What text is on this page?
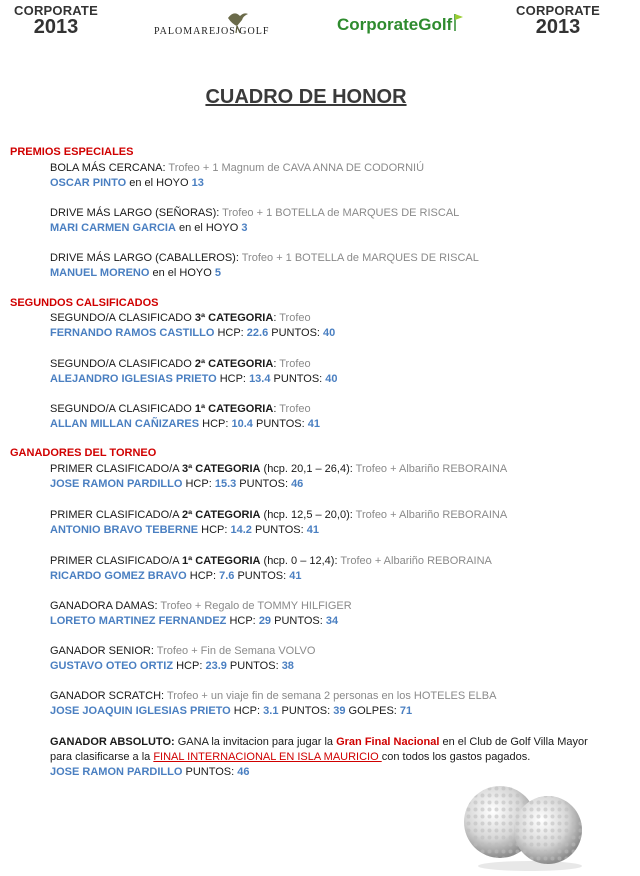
CORPORATE
2013	PALOMAREJOS GOLF	CorporateGolf
CORPORATE
2013
CUADRO DE HONOR
PREMIOS ESPECIALES
BOLA MÁS CERCANA: Trofeo + 1 Magnum de CAVA ANNA DE CODORNIÚ
OSCAR PINTO en el HOYO 13
DRIVE MÁS LARGO (SEÑORAS): Trofeo + 1 BOTELLA de MARQUES DE RISCAL
MARI CARMEN GARCIA en el HOYO 3
DRIVE MÁS LARGO (CABALLEROS): Trofeo + 1 BOTELLA de MARQUES DE RISCAL
MANUEL MORENO en el HOYO 5
SEGUNDOS CALSIFICADOS
SEGUNDO/A CLASIFICADO 3ª CATEGORIA: Trofeo
FERNANDO RAMOS CASTILLO HCP: 22.6 PUNTOS: 40
SEGUNDO/A CLASIFICADO 2ª CATEGORIA: Trofeo
ALEJANDRO IGLESIAS PRIETO HCP: 13.4 PUNTOS: 40
SEGUNDO/A CLASIFICADO 1ª CATEGORIA: Trofeo
ALLAN MILLAN CAÑIZARES HCP: 10.4 PUNTOS: 41
GANADORES DEL TORNEO
PRIMER CLASIFICADO/A 3ª CATEGORIA (hcp. 20,1 – 26,4): Trofeo + Albariño REBORAINA
JOSE RAMON PARDILLO HCP: 15.3 PUNTOS: 46
PRIMER CLASIFICADO/A 2ª CATEGORIA (hcp. 12,5 – 20,0): Trofeo + Albariño REBORAINA
ANTONIO BRAVO TEBERNE HCP: 14.2 PUNTOS: 41
PRIMER CLASIFICADO/A 1ª CATEGORIA (hcp. 0 – 12,4): Trofeo + Albariño REBORAINA
RICARDO GOMEZ BRAVO HCP: 7.6 PUNTOS: 41
GANADORA DAMAS: Trofeo + Regalo de TOMMY HILFIGER
LORETO MARTINEZ FERNANDEZ HCP: 29 PUNTOS: 34
GANADOR SENIOR: Trofeo + Fin de Semana VOLVO
GUSTAVO OTEO ORTIZ HCP: 23.9 PUNTOS: 38
GANADOR SCRATCH: Trofeo + un viaje fin de semana 2 personas en los HOTELES ELBA
JOSE JOAQUIN IGLESIAS PRIETO HCP: 3.1 PUNTOS: 39 GOLPES: 71
GANADOR ABSOLUTO: GANA la invitacion para jugar la Gran Final Nacional en el Club de Golf Villa Mayor
para clasificarse a la FINAL INTERNACIONAL EN ISLA MAURICIO con todos los gastos pagados.
JOSE RAMON PARDILLO PUNTOS: 46
